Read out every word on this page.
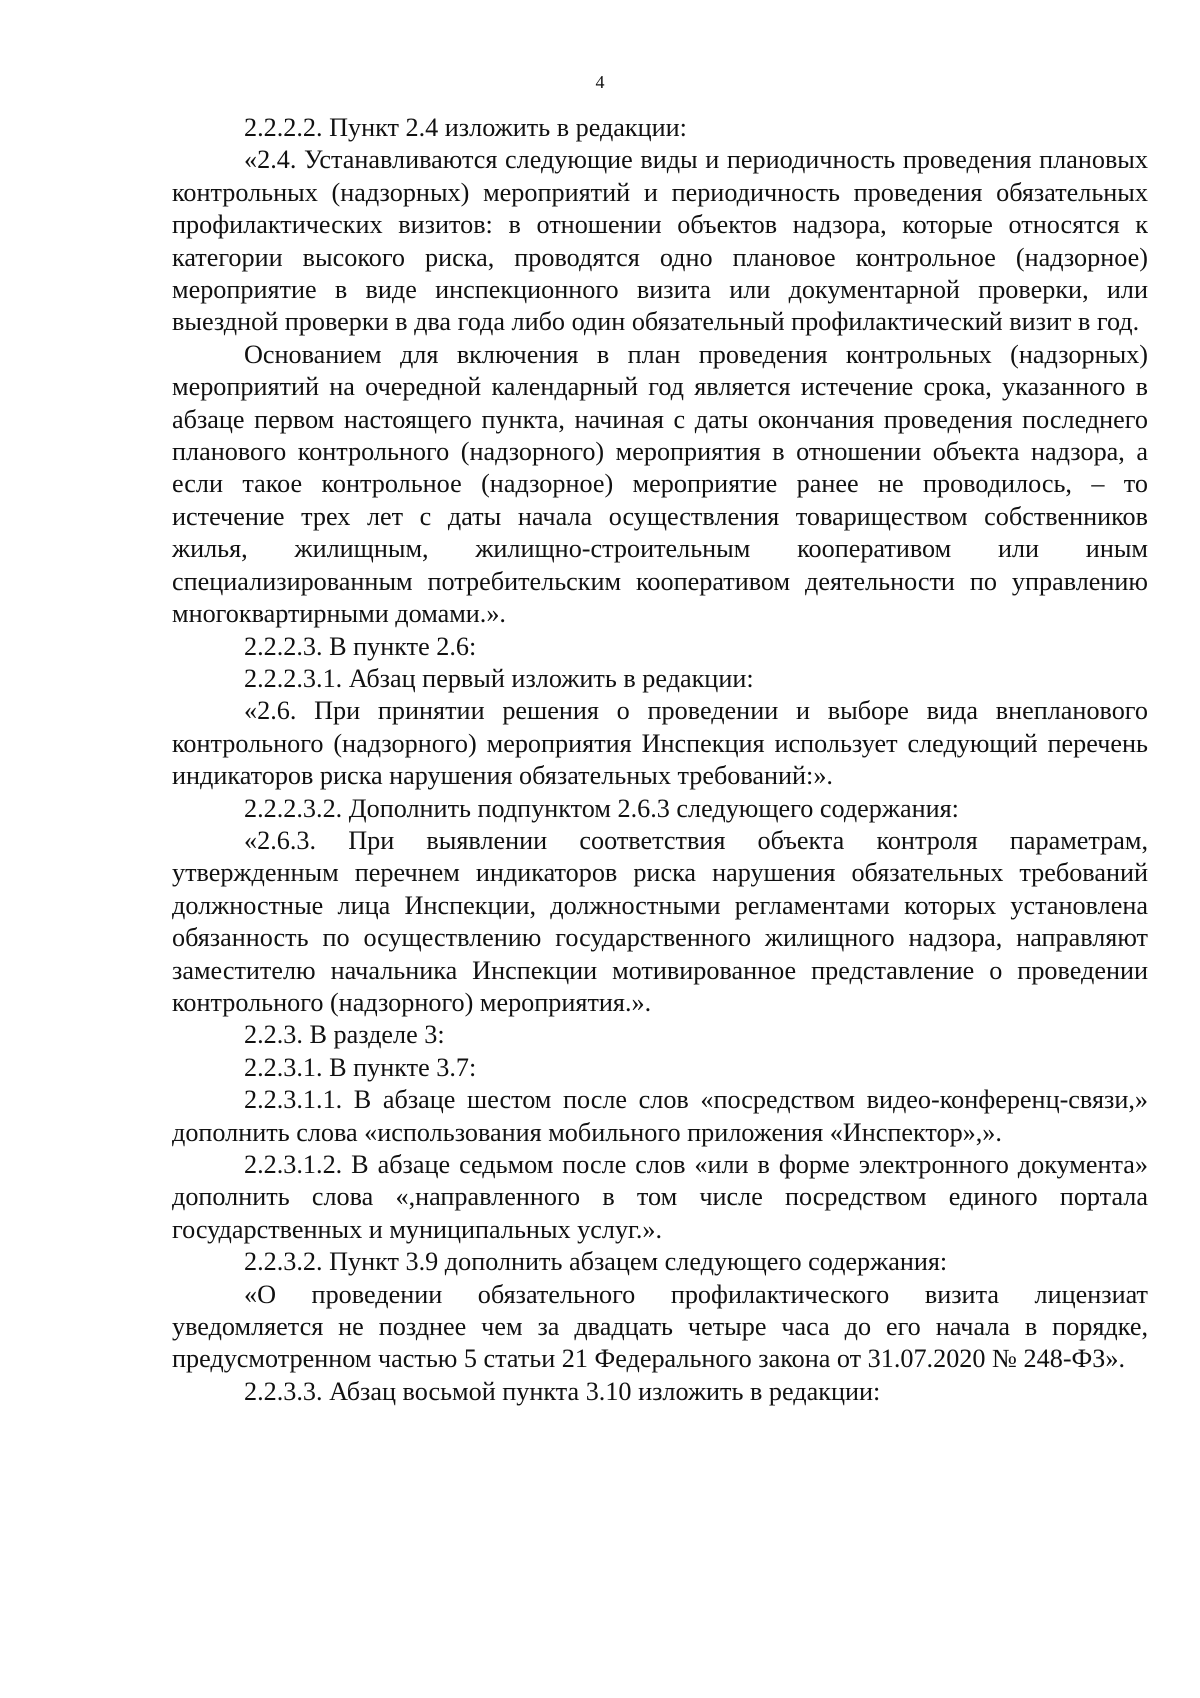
4

2.2.2.2. Пункт 2.4 изложить в редакции:

«2.4. Устанавливаются следующие виды и периодичность проведения плановых контрольных (надзорных) мероприятий и периодичность проведения обязательных профилактических визитов: в отношении объектов надзора, которые относятся к категории высокого риска, проводятся одно плановое контрольное (надзорное) мероприятие в виде инспекционного визита или документарной проверки, или выездной проверки в два года либо один обязательный профилактический визит в год.

Основанием для включения в план проведения контрольных (надзорных) мероприятий на очередной календарный год является истечение срока, указанного в абзаце первом настоящего пункта, начиная с даты окончания проведения последнего планового контрольного (надзорного) мероприятия в отношении объекта надзора, а если такое контрольное (надзорное) мероприятие ранее не проводилось, – то истечение трех лет с даты начала осуществления товариществом собственников жилья, жилищным, жилищно-строительным кооперативом или иным специализированным потребительским кооперативом деятельности по управлению многоквартирными домами.».

2.2.2.3. В пункте 2.6:

2.2.2.3.1. Абзац первый изложить в редакции:

«2.6. При принятии решения о проведении и выборе вида внепланового контрольного (надзорного) мероприятия Инспекция использует следующий перечень индикаторов риска нарушения обязательных требований:».

2.2.2.3.2. Дополнить подпунктом 2.6.3 следующего содержания:

«2.6.3. При выявлении соответствия объекта контроля параметрам, утвержденным перечнем индикаторов риска нарушения обязательных требований должностные лица Инспекции, должностными регламентами которых установлена обязанность по осуществлению государственного жилищного надзора, направляют заместителю начальника Инспекции мотивированное представление о проведении контрольного (надзорного) мероприятия.».

2.2.3. В разделе 3:

2.2.3.1. В пункте 3.7:

2.2.3.1.1. В абзаце шестом после слов «посредством видео-конференц-связи,» дополнить слова «использования мобильного приложения «Инспектор»,».

2.2.3.1.2. В абзаце седьмом после слов «или в форме электронного документа» дополнить слова «,направленного в том числе посредством единого портала государственных и муниципальных услуг.».

2.2.3.2. Пункт 3.9 дополнить абзацем следующего содержания:

«О проведении обязательного профилактического визита лицензиат уведомляется не позднее чем за двадцать четыре часа до его начала в порядке, предусмотренном частью 5 статьи 21 Федерального закона от 31.07.2020 № 248-ФЗ».

2.2.3.3. Абзац восьмой пункта 3.10 изложить в редакции:
